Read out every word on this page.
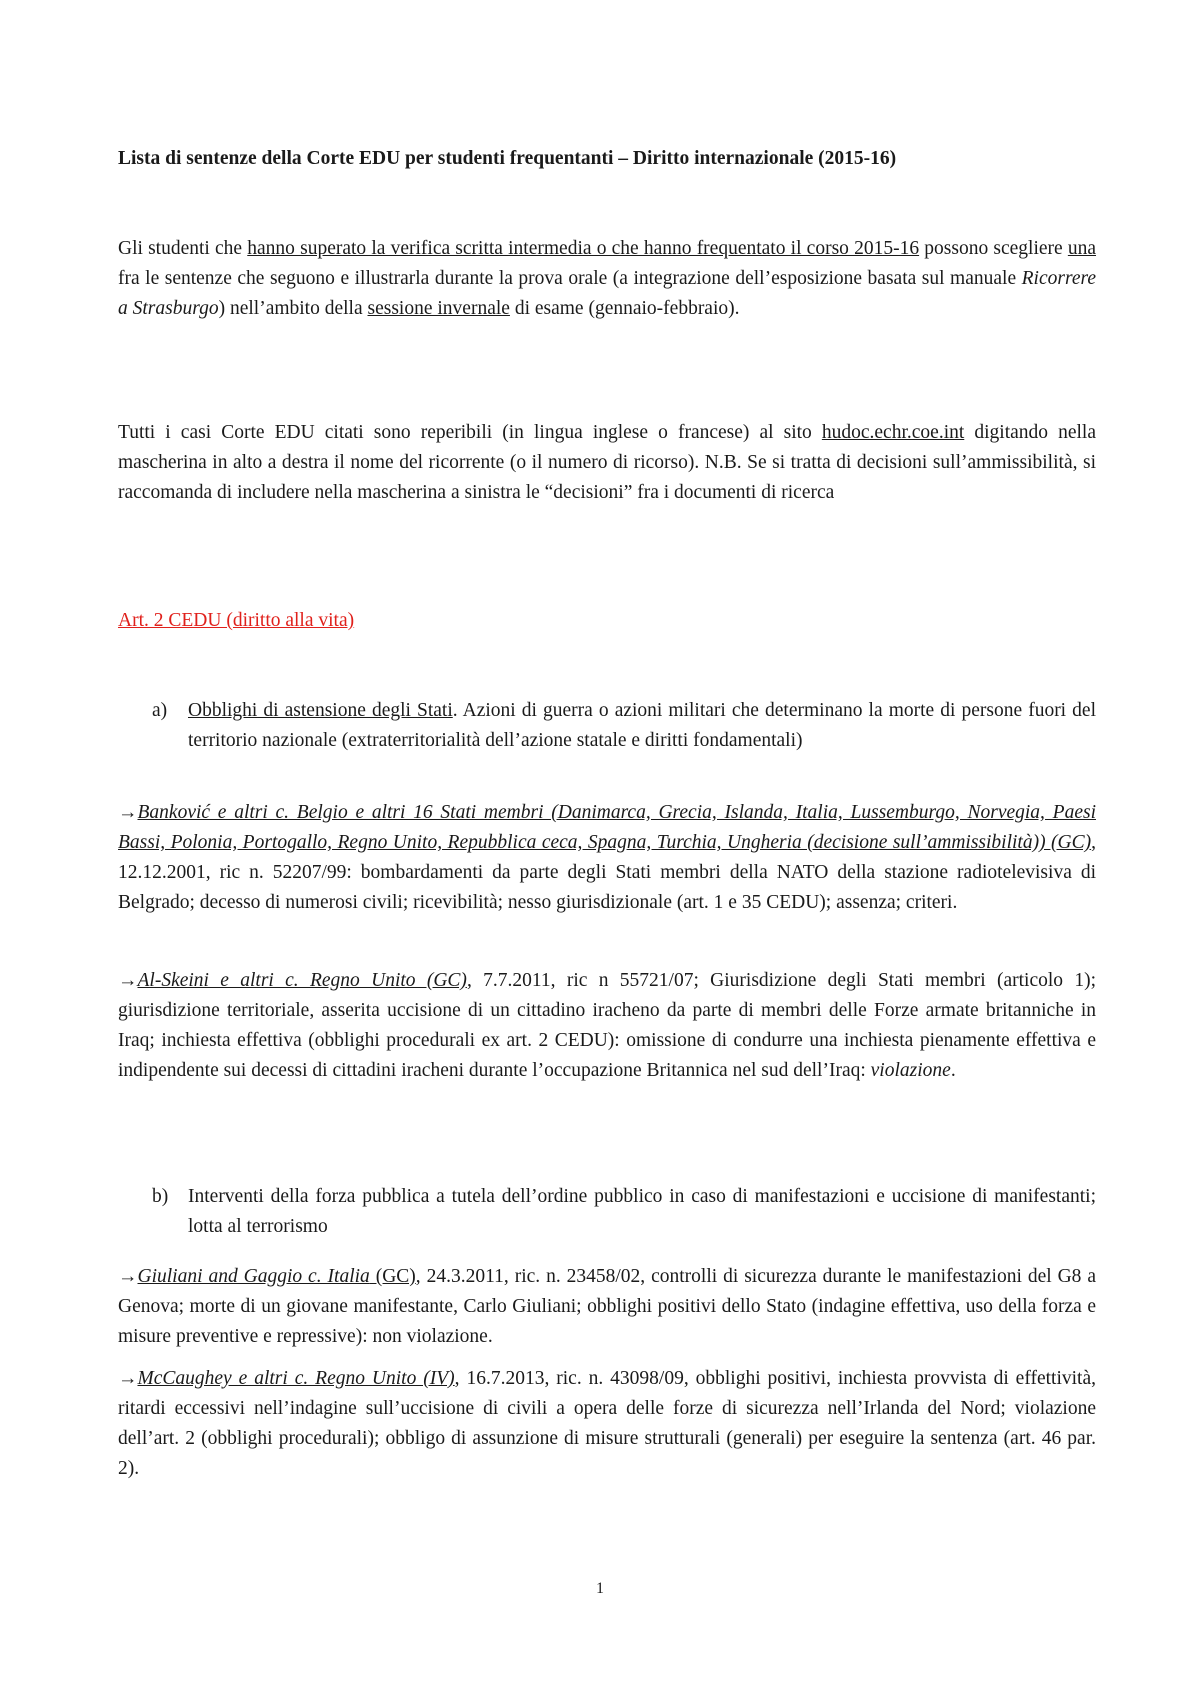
Lista di sentenze della Corte EDU per studenti frequentanti – Diritto internazionale (2015-16)

Gli studenti che hanno superato la verifica scritta intermedia o che hanno frequentato il corso 2015-16 possono scegliere una fra le sentenze che seguono e illustrarla durante la prova orale (a integrazione dell’esposizione basata sul manuale Ricorrere a Strasburgo) nell’ambito della sessione invernale di esame (gennaio-febbraio).

Tutti i casi Corte EDU citati sono reperibili (in lingua inglese o francese) al sito hudoc.echr.coe.int digitando nella mascherina in alto a destra il nome del ricorrente (o il numero di ricorso). N.B. Se si tratta di decisioni sull’ammissibilità, si raccomanda di includere nella mascherina a sinistra le “decisioni” fra i documenti di ricerca

Art. 2 CEDU (diritto alla vita)
a) Obblighi di astensione degli Stati. Azioni di guerra o azioni militari che determinano la morte di persone fuori del territorio nazionale (extraterritorialità dell’azione statale e diritti fondamentali)

→Banković e altri c. Belgio e altri 16 Stati membri (Danimarca, Grecia, Islanda, Italia, Lussemburgo, Norvegia, Paesi Bassi, Polonia, Portogallo, Regno Unito, Repubblica ceca, Spagna, Turchia, Ungheria (decisione sull’ammissibilità)) (GC), 12.12.2001, ric n. 52207/99: bombardamenti da parte degli Stati membri della NATO della stazione radiotelevisiva di Belgrado; decesso di numerosi civili; ricevibilità; nesso giurisdizionale (art. 1 e 35 CEDU); assenza; criteri.

→Al-Skeini e altri c. Regno Unito (GC), 7.7.2011, ric n 55721/07; Giurisdizione degli Stati membri (articolo 1); giurisdizione territoriale, asserita uccisione di un cittadino iracheno da parte di membri delle Forze armate britanniche in Iraq; inchiesta effettiva (obblighi procedurali ex art. 2 CEDU): omissione di condurre una inchiesta pienamente effettiva e indipendente sui decessi di cittadini iracheni durante l’occupazione Britannica nel sud dell’Iraq: violazione.

b) Interventi della forza pubblica a tutela dell’ordine pubblico in caso di manifestazioni e uccisione di manifestanti; lotta al terrorismo

→Giuliani and Gaggio c. Italia (GC), 24.3.2011, ric. n. 23458/02, controlli di sicurezza durante le manifestazioni del G8 a Genova; morte di un giovane manifestante, Carlo Giuliani; obblighi positivi dello Stato (indagine effettiva, uso della forza e misure preventive e repressive): non violazione.

→McCaughey e altri c. Regno Unito (IV), 16.7.2013, ric. n. 43098/09, obblighi positivi, inchiesta provvista di effettività, ritardi eccessivi nell’indagine sull’uccisione di civili a opera delle forze di sicurezza nell’Irlanda del Nord; violazione dell’art. 2 (obblighi procedurali); obbligo di assunzione di misure strutturali (generali) per eseguire la sentenza (art. 46 par. 2).

1
